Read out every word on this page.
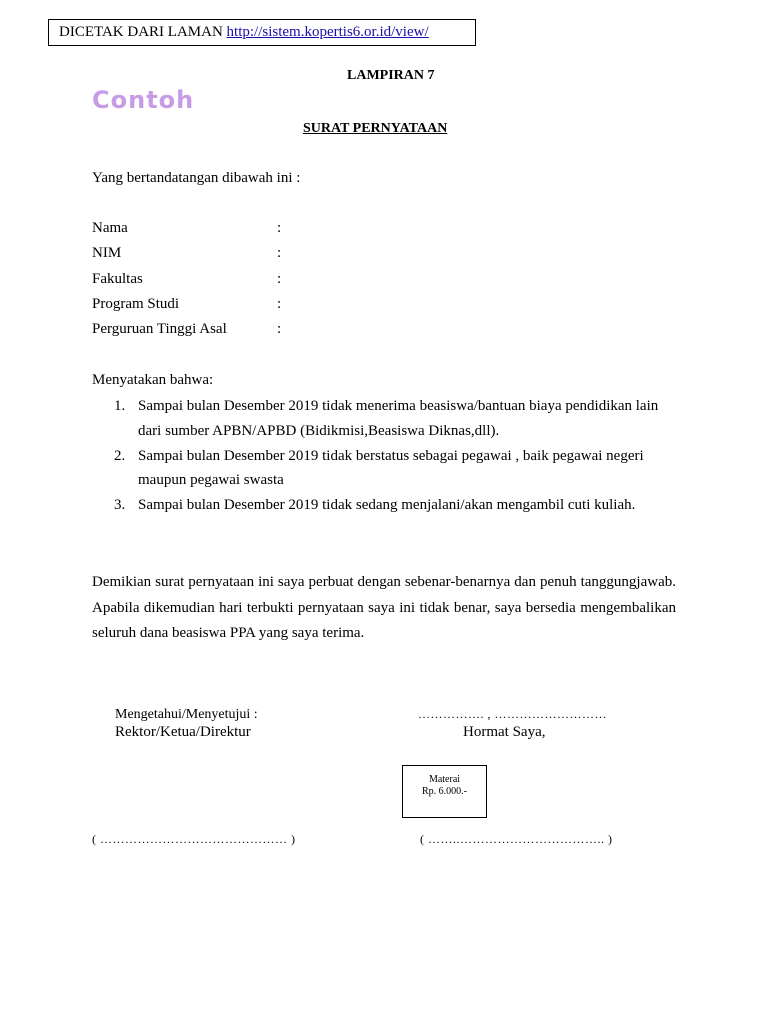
DICETAK DARI LAMAN http://sistem.kopertis6.or.id/view/
LAMPIRAN 7
Contoh
SURAT PERNYATAAN
Yang bertandatangan dibawah ini :
Nama	:
NIM	:
Fakultas	:
Program Studi	:
Perguruan Tinggi Asal	:
Menyatakan bahwa:
1. Sampai bulan Desember 2019 tidak menerima beasiswa/bantuan biaya pendidikan lain
dari sumber APBN/APBD (Bidikmisi,Beasiswa Diknas,dll).
2. Sampai bulan Desember 2019 tidak berstatus sebagai pegawai , baik pegawai negeri
maupun pegawai swasta
3. Sampai bulan Desember 2019 tidak sedang menjalani/akan mengambil cuti kuliah.
Demikian surat pernyataan ini saya perbuat dengan sebenar-benarnya dan penuh tanggungjawab. Apabila dikemudian hari terbukti pernyataan saya ini tidak benar, saya bersedia mengembalikan seluruh dana beasiswa PPA yang saya terima.
Mengetahui/Menyetujui :
Rektor/Ketua/Direktur
……………. , ………………………
Hormat Saya,
Materai
Rp. 6.000.-
( ……………………………………… )	( ……..…………………………….. )
